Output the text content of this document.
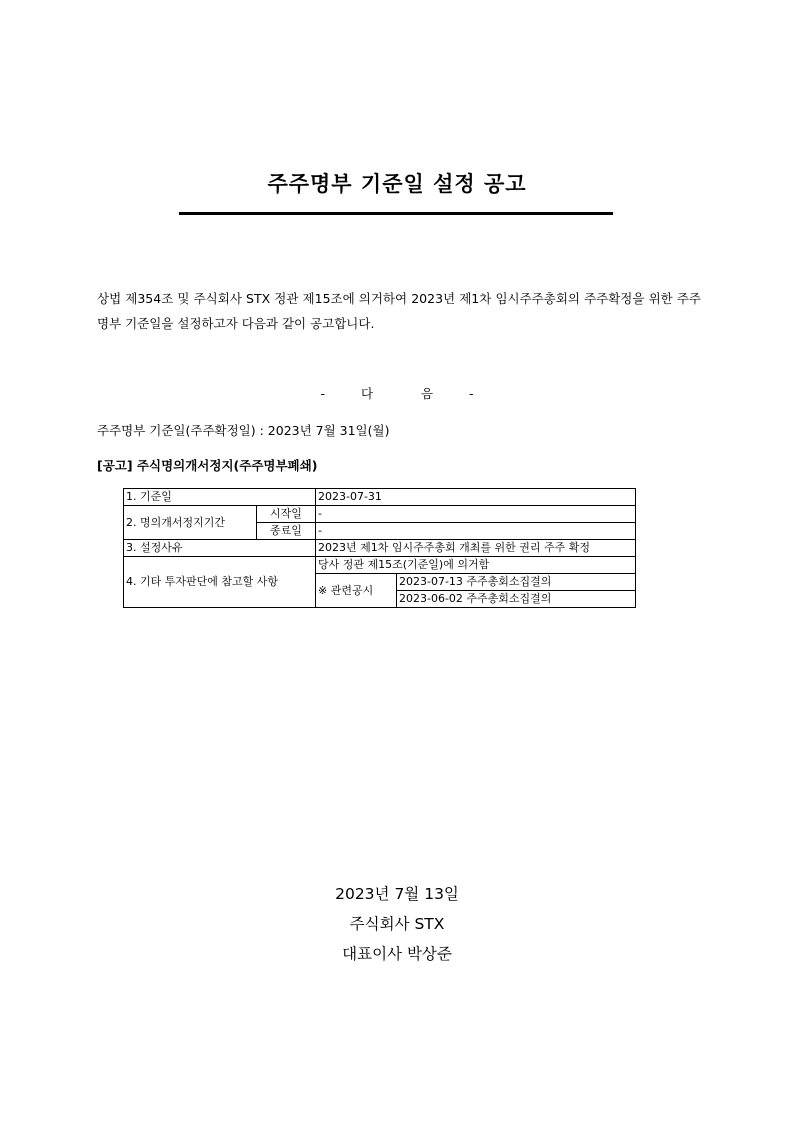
주주명부 기준일 설정 공고
상법 제354조 및 주식회사 STX 정관 제15조에 의거하여 2023년 제1차 임시주주총회의 주주확정을 위한 주주명부 기준일을 설정하고자 다음과 같이 공고합니다.
-	다	음	-
주주명부 기준일(주주확정일) : 2023년 7월 31일(월)
[공고] 주식명의개서정지(주주명부폐쇄)
1. 기준일		2023-07-31	
2. 명의개서정지기간	시작일	-	
	종료일	-	
3. 설정사유		2023년 제1차 임시주주총회 개최를 위한 권리 주주 확정	
4. 기타 투자판단에 참고할 사항		당사 정관 제15조(기준일)에 의거함	
		※ 관련공시	2023-07-13 주주총회소집결의
			2023-06-02 주주총회소집결의
2023년 7월 13일
주식회사 STX
대표이사 박상준
